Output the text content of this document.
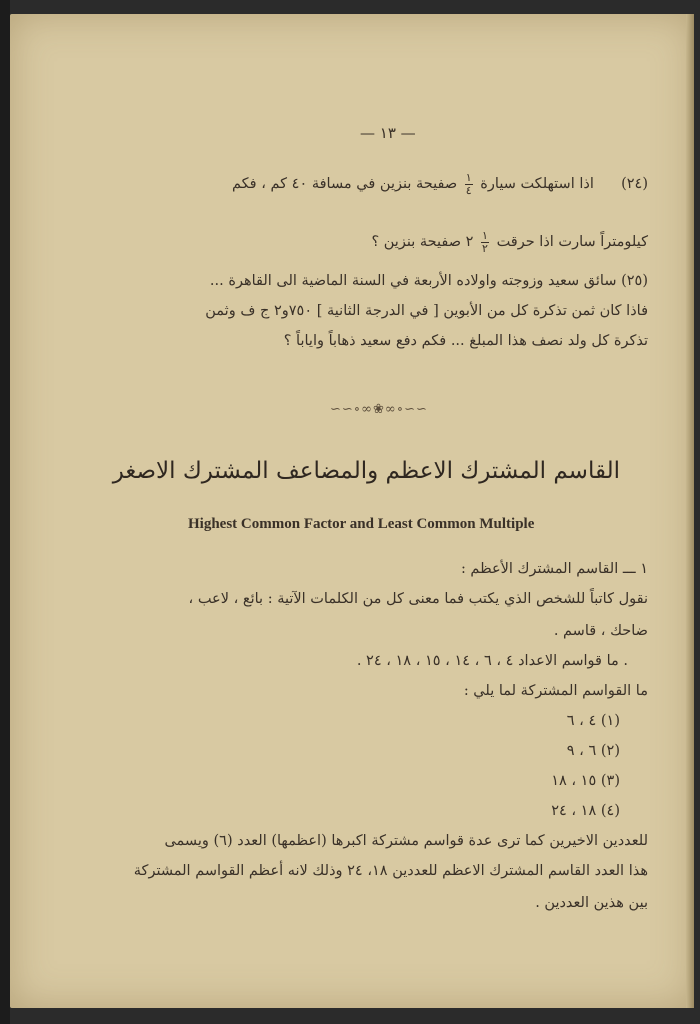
— ١٣ —
(٢٤)  اذا استهلكت سيارة
$\frac{١}{٤}$
صفيحة بنزين في مسافة ٤٠ كم ، فكم
كيلومتراً سارت اذا حرقت
$\frac{١}{٢}$
٢ صفيحة بنزين ؟
(٢٥) سائق سعيد وزوجته واولاده الأربعة في السنة الماضية الى القاهرة ...
فاذا كان ثمن تذكرة كل من الأبوين [ في الدرجة الثانية ] ٧٥٠و٢ ج ف وثمن
تذكرة كل ولد نصف هذا المبلغ ... فكم دفع سعيد ذهاباً واياباً ؟
∽∽∘∞❀∞∘∽∽
القاسم المشترك الاعظم والمضاعف المشترك الاصغر
Highest Common Factor and Least Common Multiple
١ ـــ القاسم المشترك الأعظم :
نقول كاتباً للشخص الذي يكتب فما معنى كل من الكلمات الآتية : بائع ، لاعب ،
ضاحك ، قاسم .
. ما قواسم الاعداد ٤ ، ٦ ، ١٤ ، ١٥ ، ١٨ ، ٢٤ .
ما القواسم المشتركة لما يلي :
(١) ٤ ، ٦
(٢) ٦ ، ٩
(٣) ١٥ ، ١٨
(٤) ١٨ ، ٢٤
للعددين الاخيرين كما ترى عدة قواسم مشتركة اكبرها (اعظمها) العدد (٦) ويسمى
هذا العدد القاسم المشترك الاعظم للعددين ١٨، ٢٤ وذلك لانه أعظم القواسم المشتركة
بين هذين العددين .
